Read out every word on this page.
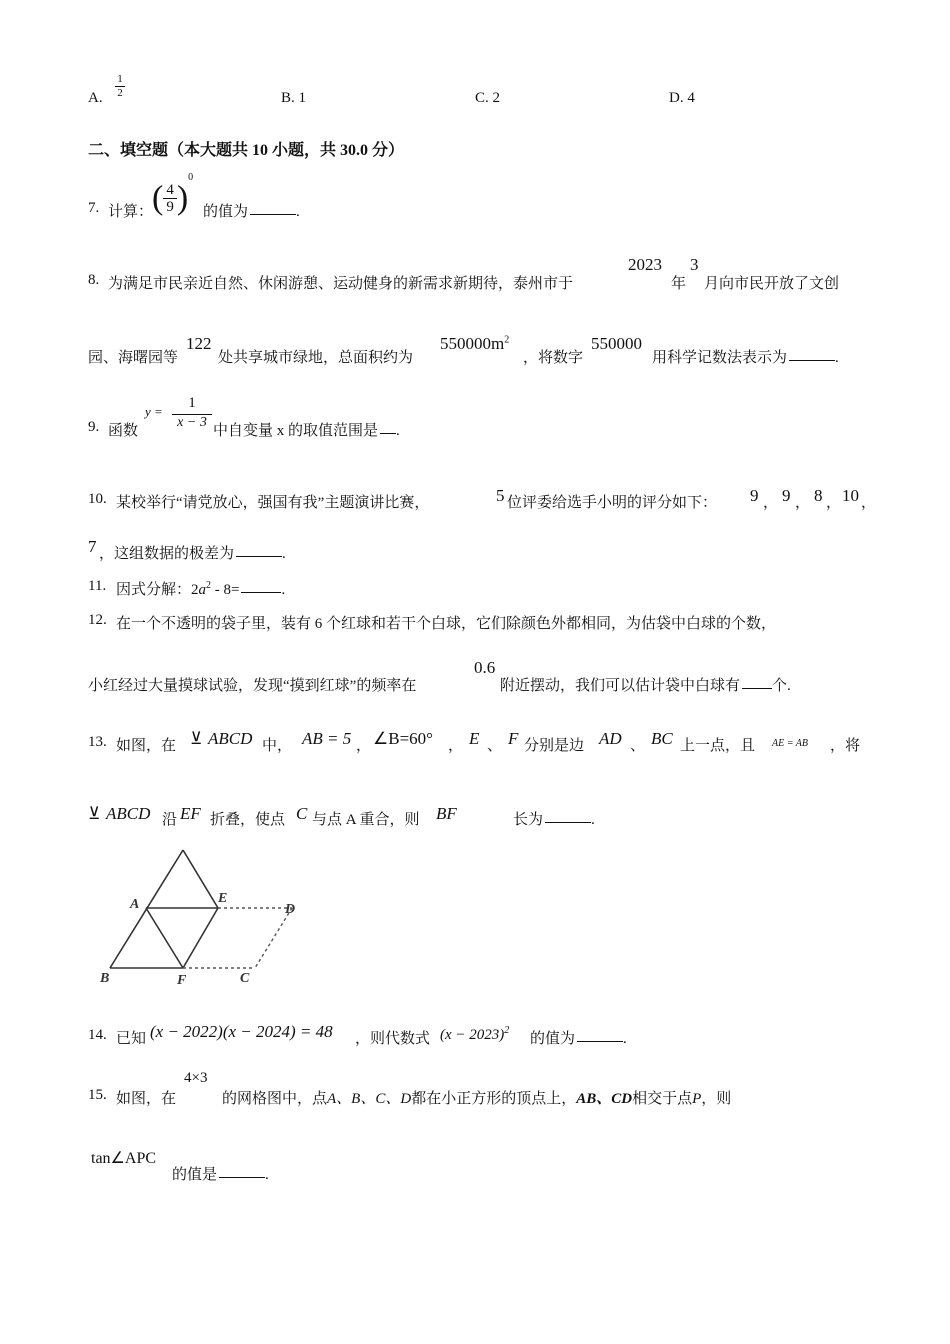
A. $\frac{1}{2}$	B. 1	C. 2	D. 4
二、填空题（本大题共 10 小题，共 30.0 分）
7. 计算：
( $\frac{4}{9} )^0$
的值为	.
8. 为满足市民亲近自然、休闲游憩、运动健身的新需求新期待，泰州市于
2023
年
3
月向市民开放了文创
园、海曙园等
122
处共享城市绿地，总面积约为
$550000m^2$
，将数字
550000
用科学记数法表示为	.
9. 函数
$y = \frac{1}{x - 3}$ 中自变量 x 的取值范围是 .
10. 某校举行“请党放心，强国有我”主题演讲比赛，	5 位评委给选手小明的评分如下： 9 ， 9 ， 8 ， 10 ，
7 ，这组数据的极差为	.
11. 因式分解：$2a^2 - 8=$	.
12. 在一个不透明的袋子里，装有 6 个红球和若干个白球，它们除颜色外都相同，为估袋中白球的个数，
小红经过大量摸球试验，发现“摸到红球”的频率在
0.6
附近摆动，我们可以估计袋中白球有 个.
13. 如图，在 ⊻ ABCD 中， AB = 5 ， ∠B=60° ， E 、 F 分别是边 AD 、 BC 上一点，且 AE = AB ，将
⊻ ABCD 沿 EF 折叠，使点 C 与点 A 重合，则 BF	长为	.
A	E
D
B	F	C
14. 已知 (x − 2022)(x − 2024) = 48 ，则代数式 $(x - 2023)^2$
的值为	.
15. 如图，在
4×3
的网格图中，点A、B、C、D都在小正方形的顶点上，AB、CD相交于点P，则
tan∠APC
的值是	.
